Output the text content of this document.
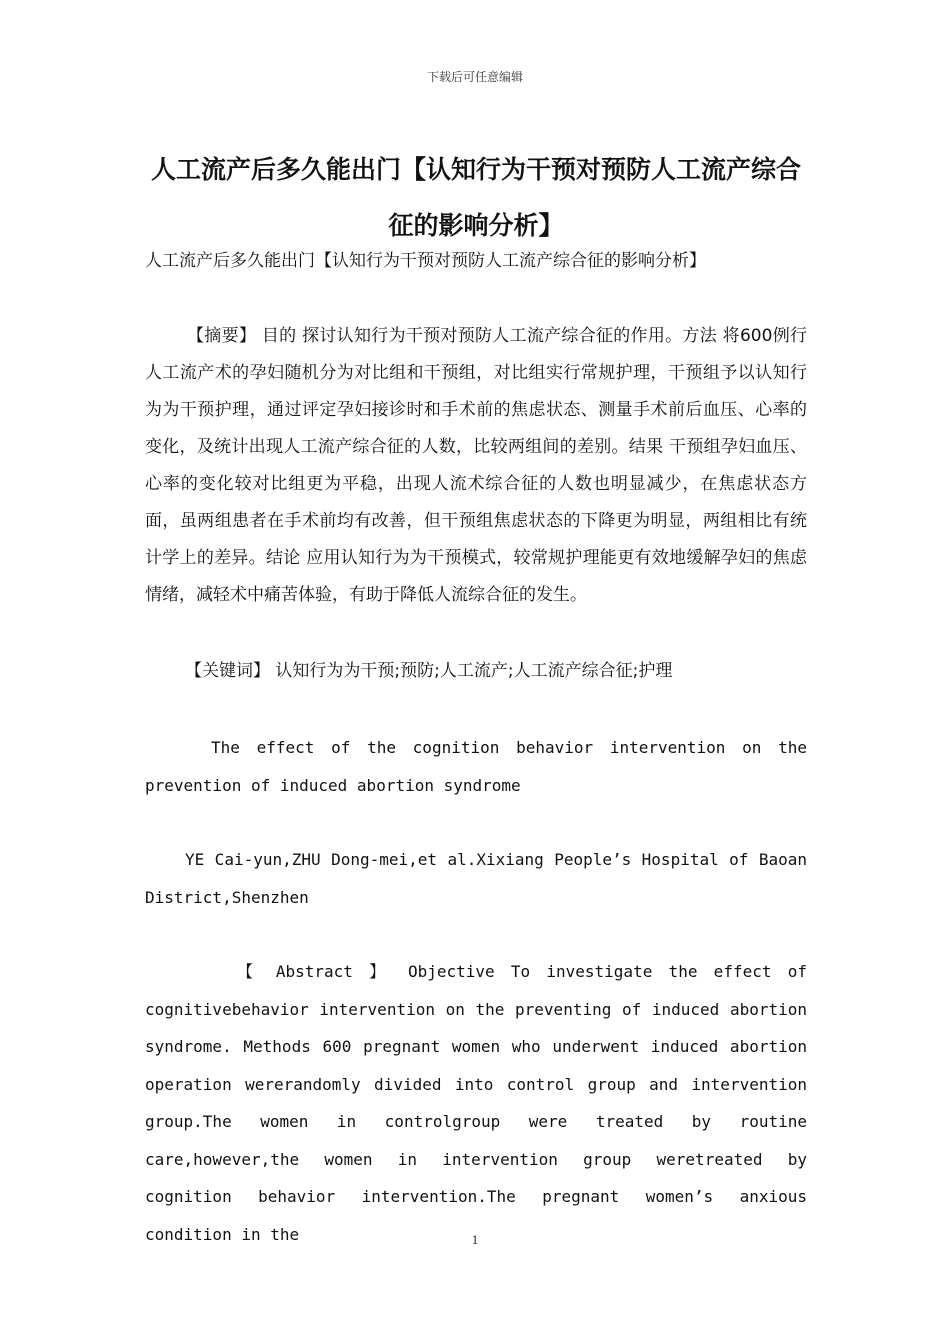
下载后可任意编辑
人工流产后多久能出门【认知行为干预对预防人工流产综合征的影响分析】
人工流产后多久能出门【认知行为干预对预防人工流产综合征的影响分析】
【摘要】 目的 探讨认知行为干预对预防人工流产综合征的作用。方法 将600例行人工流产术的孕妇随机分为对比组和干预组，对比组实行常规护理，干预组予以认知行为为干预护理，通过评定孕妇接诊时和手术前的焦虑状态、测量手术前后血压、心率的变化，及统计出现人工流产综合征的人数，比较两组间的差别。结果 干预组孕妇血压、心率的变化较对比组更为平稳，出现人流术综合征的人数也明显减少，在焦虑状态方面，虽两组患者在手术前均有改善，但干预组焦虑状态的下降更为明显，两组相比有统计学上的差异。结论 应用认知行为为干预模式，较常规护理能更有效地缓解孕妇的焦虑情绪，减轻术中痛苦体验，有助于降低人流综合征的发生。
【关键词】 认知行为为干预;预防;人工流产;人工流产综合征;护理
The effect of the cognition behavior intervention on the prevention of induced abortion syndrome
YE Cai-yun,ZHU Dong-mei,et al.Xixiang People’s Hospital of Baoan District,Shenzhen
【 Abstract 】 Objective To investigate the effect of cognitivebehavior intervention on the preventing of induced abortion syndrome. Methods 600 pregnant women who underwent induced abortion operation wererandomly divided into control group and intervention group.The women in controlgroup were treated by routine care,however,the women in intervention group weretreated by cognition behavior intervention.The pregnant women’s anxious condition in the	1
